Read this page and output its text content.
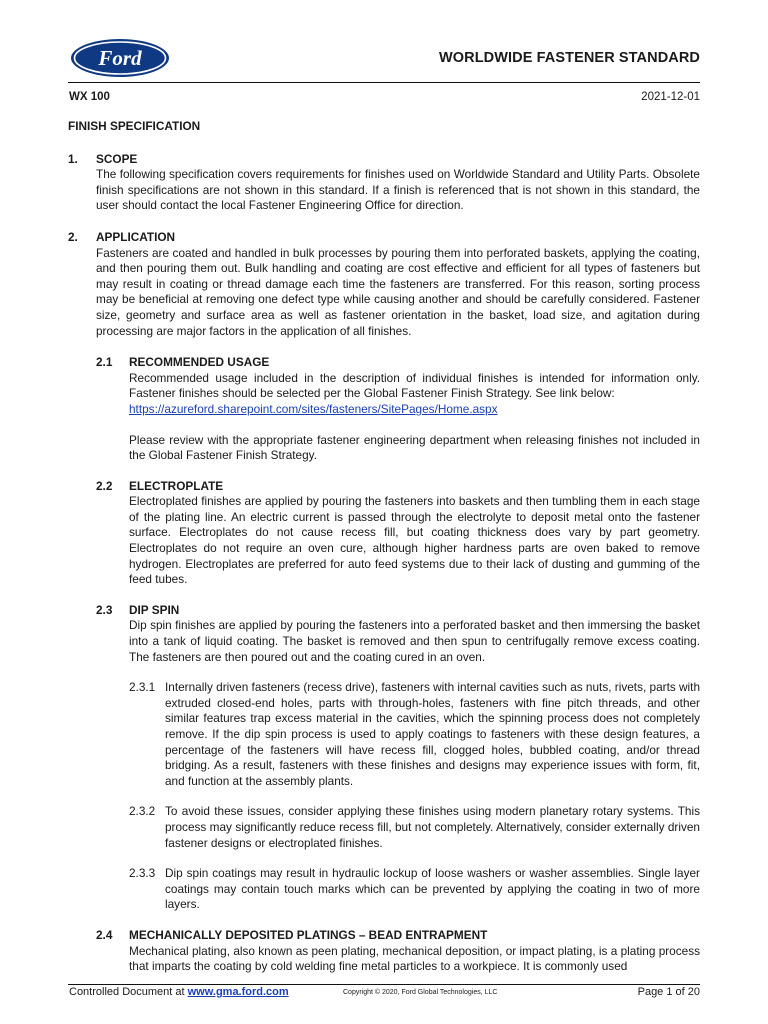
Ford	WORLDWIDE FASTENER STANDARD
WX 100	2021-12-01
FINISH SPECIFICATION
1. SCOPE

The following specification covers requirements for finishes used on Worldwide Standard and Utility Parts. Obsolete finish specifications are not shown in this standard. If a finish is referenced that is not shown in this standard, the user should contact the local Fastener Engineering Office for direction.

2. APPLICATION

Fasteners are coated and handled in bulk processes by pouring them into perforated baskets, applying the coating, and then pouring them out. Bulk handling and coating are cost effective and efficient for all types of fasteners but may result in coating or thread damage each time the fasteners are transferred. For this reason, sorting process may be beneficial at removing one defect type while causing another and should be carefully considered. Fastener size, geometry and surface area as well as fastener orientation in the basket, load size, and agitation during processing are major factors in the application of all finishes.

2.1 RECOMMENDED USAGE

Recommended usage included in the description of individual finishes is intended for information only. Fastener finishes should be selected per the Global Fastener Finish Strategy. See link below:

https://azureford.sharepoint.com/sites/fasteners/SitePages/Home.aspx

Please review with the appropriate fastener engineering department when releasing finishes not included in the Global Fastener Finish Strategy.

2.2 ELECTROPLATE

Electroplated finishes are applied by pouring the fasteners into baskets and then tumbling them in each stage of the plating line. An electric current is passed through the electrolyte to deposit metal onto the fastener surface. Electroplates do not cause recess fill, but coating thickness does vary by part geometry. Electroplates do not require an oven cure, although higher hardness parts are oven baked to remove hydrogen. Electroplates are preferred for auto feed systems due to their lack of dusting and gumming of the feed tubes.

2.3 DIP SPIN

Dip spin finishes are applied by pouring the fasteners into a perforated basket and then immersing the basket into a tank of liquid coating. The basket is removed and then spun to centrifugally remove excess coating. The fasteners are then poured out and the coating cured in an oven.

2.3.1 Internally driven fasteners (recess drive), fasteners with internal cavities such as nuts, rivets, parts with extruded closed-end holes, parts with through-holes, fasteners with fine pitch threads, and other similar features trap excess material in the cavities, which the spinning process does not completely remove. If the dip spin process is used to apply coatings to fasteners with these design features, a percentage of the fasteners will have recess fill, clogged holes, bubbled coating, and/or thread bridging. As a result, fasteners with these finishes and designs may experience issues with form, fit, and function at the assembly plants.

2.3.2 To avoid these issues, consider applying these finishes using modern planetary rotary systems. This process may significantly reduce recess fill, but not completely. Alternatively, consider externally driven fastener designs or electroplated finishes.

2.3.3 Dip spin coatings may result in hydraulic lockup of loose washers or washer assemblies. Single layer coatings may contain touch marks which can be prevented by applying the coating in two of more layers.

2.4 MECHANICALLY DEPOSITED PLATINGS – BEAD ENTRAPMENT

Mechanical plating, also known as peen plating, mechanical deposition, or impact plating, is a plating process that imparts the coating by cold welding fine metal particles to a workpiece. It is commonly used

Controlled Document at www.gma.ford.com	Copyright © 2020, Ford Global Technologies, LLC	Page 1 of 20
